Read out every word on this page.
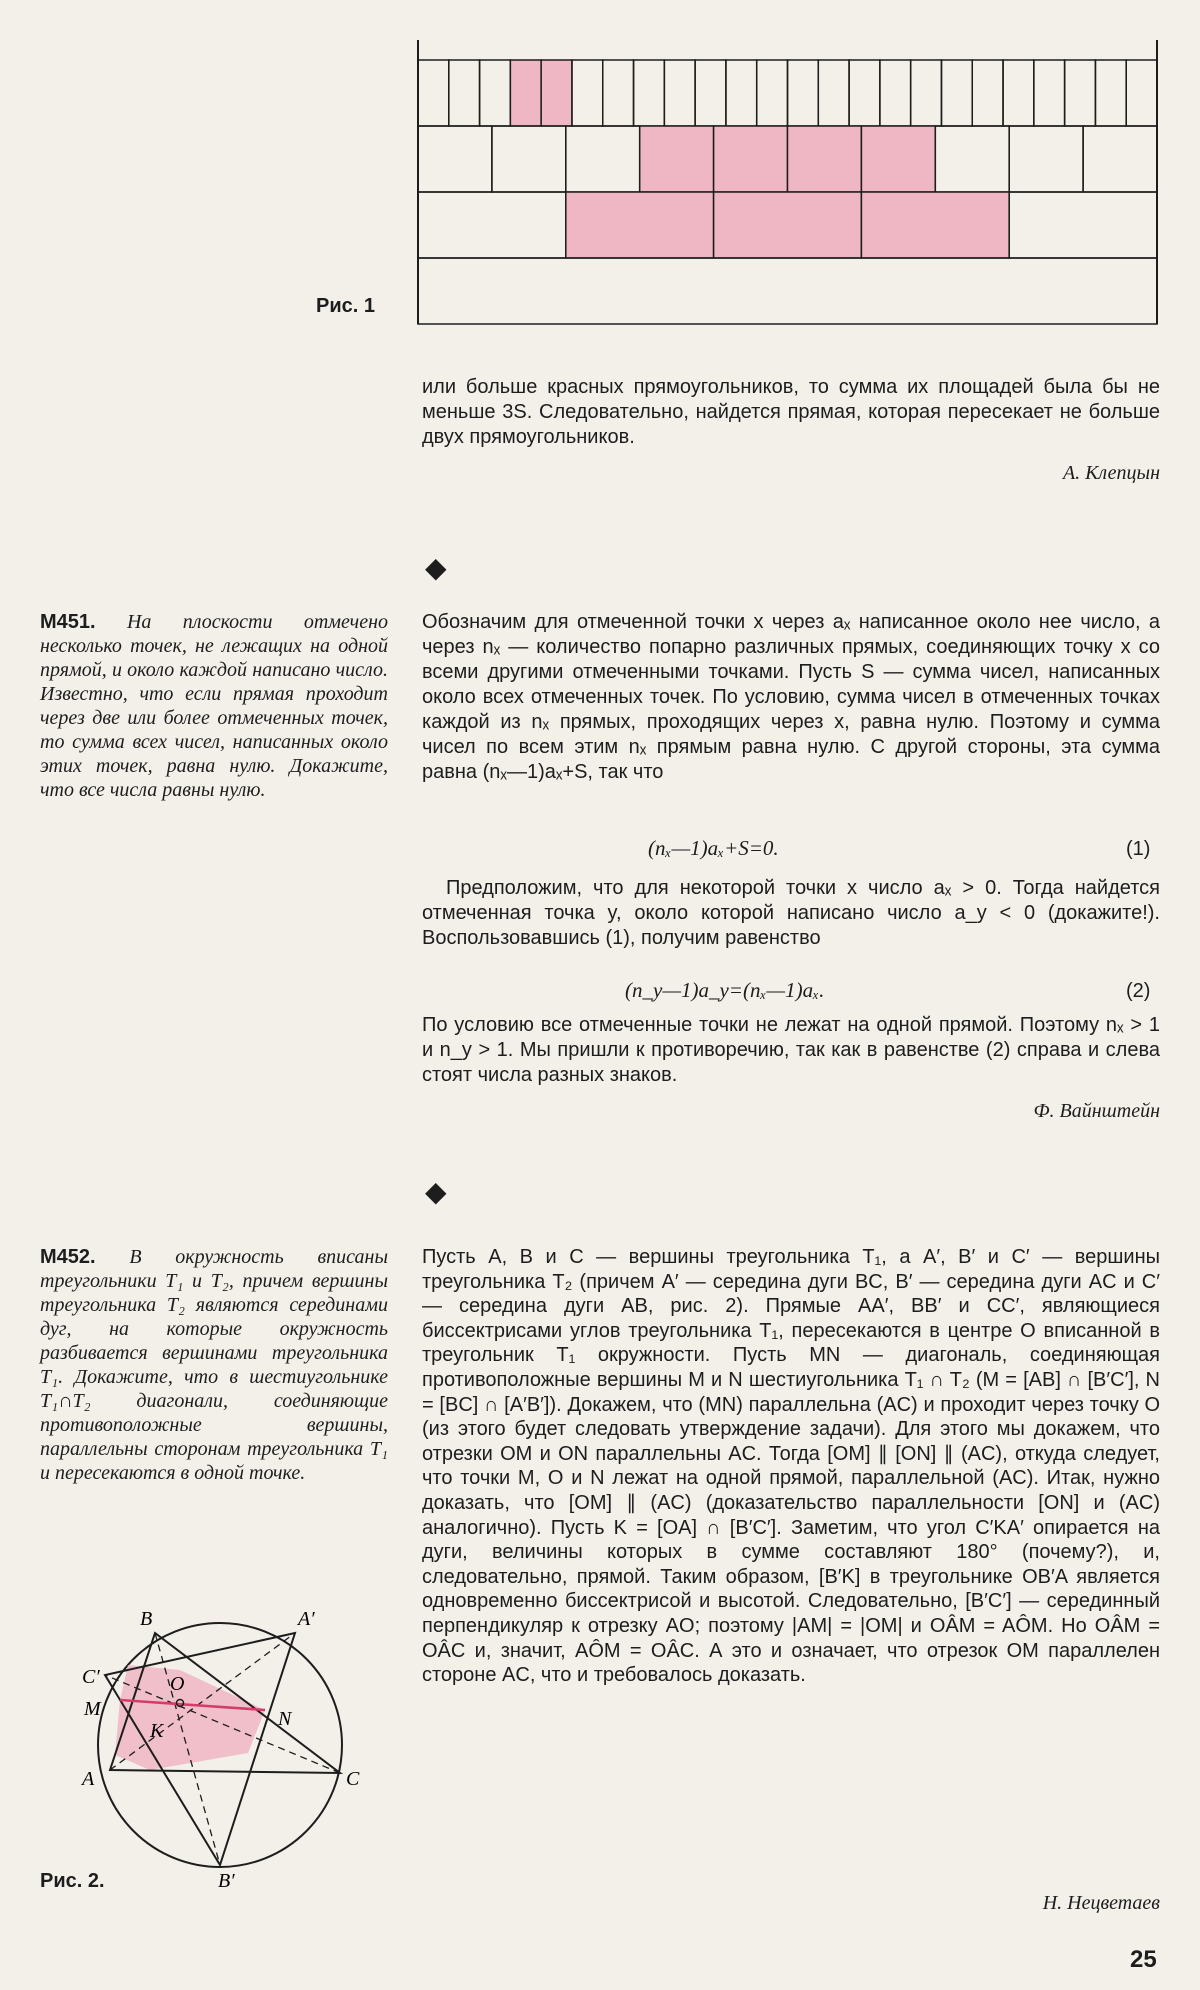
Рис. 1
или больше красных прямоугольников, то сумма их площадей была бы не меньше 3S. Следовательно, найдется прямая, которая пересекает не больше двух прямоугольников.
А. Клепцын
◆
М451. На плоскости отмечено несколько точек, не лежащих на одной прямой, и около каждой написано число. Известно, что если прямая проходит через две или более отмеченных точек, то сумма всех чисел, написанных около этих точек, равна нулю. Докажите, что все числа равны нулю.
Обозначим для отмеченной точки x через aₓ написанное около нее число, а через nₓ — количество попарно различных прямых, соединяющих точку x со всеми другими отмеченными точками. Пусть S — сумма чисел, написанных около всех отмеченных точек. По условию, сумма чисел в отмеченных точках каждой из nₓ прямых, проходящих через x, равна нулю. Поэтому и сумма чисел по всем этим nₓ прямым равна нулю. С другой стороны, эта сумма равна (nₓ—1)aₓ+S, так что
(nₓ—1)aₓ+S=0.	(1)
Предположим, что для некоторой точки x число aₓ > 0. Тогда найдется отмеченная точка y, около которой написано число a_y < 0 (докажите!). Воспользовавшись (1), получим равенство
(n_y—1)a_y=(nₓ—1)aₓ.	(2)
По условию все отмеченные точки не лежат на одной прямой. Поэтому nₓ > 1 и n_y > 1. Мы пришли к противоречию, так как в равенстве (2) справа и слева стоят числа разных знаков.
Ф. Вайнштейн
◆
М452. В окружность вписаны треугольники T₁ и T₂, причем вершины треугольника T₂ являются серединами дуг, на которые окружность разбивается вершинами треугольника T₁. Докажите, что в шестиугольнике T₁∩T₂ диагонали, соединяющие противоположные вершины, параллельны сторонам треугольника T₁ и пересекаются в одной точке.
Пусть A, B и C — вершины треугольника T₁, а A′, B′ и C′ — вершины треугольника T₂ (причем A′ — середина дуги BC, B′ — середина дуги AC и C′ — середина дуги AB, рис. 2). Прямые AA′, BB′ и CC′, являющиеся биссектрисами углов треугольника T₁, пересекаются в центре O вписанной в треугольник T₁ окружности. Пусть MN — диагональ, соединяющая противоположные вершины M и N шестиугольника T₁ ∩ T₂ (M = [AB] ∩ [B′C′], N = [BC] ∩ [A′B′]). Докажем, что (MN) параллельна (AC) и проходит через точку O (из этого будет следовать утверждение задачи). Для этого мы докажем, что отрезки OM и ON параллельны AC. Тогда [OM] ∥ [ON] ∥ (AC), откуда следует, что точки M, O и N лежат на одной прямой, параллельной (AC). Итак, нужно доказать, что [OM] ∥ (AC) (доказательство параллельности [ON] и (AC) аналогично). Пусть K = [OA] ∩ [B′C′]. Заметим, что угол C′KA′ опирается на дуги, величины которых в сумме составляют 180° (почему?), и, следовательно, прямой. Таким образом, [B′K] в треугольнике OB′A является одновременно биссектрисой и высотой. Следовательно, [B′C′] — серединный перпендикуляр к отрезку AO; поэтому |AM| = |OM| и OÂM = AÔM. Но OÂM = OÂC и, значит, AÔM = OÂC. А это и означает, что отрезок OM параллелен стороне AC, что и требовалось доказать.
Н. Нецветаев
B	A′
C′	O
M	N
K
A	C
B′
Рис. 2.
25
